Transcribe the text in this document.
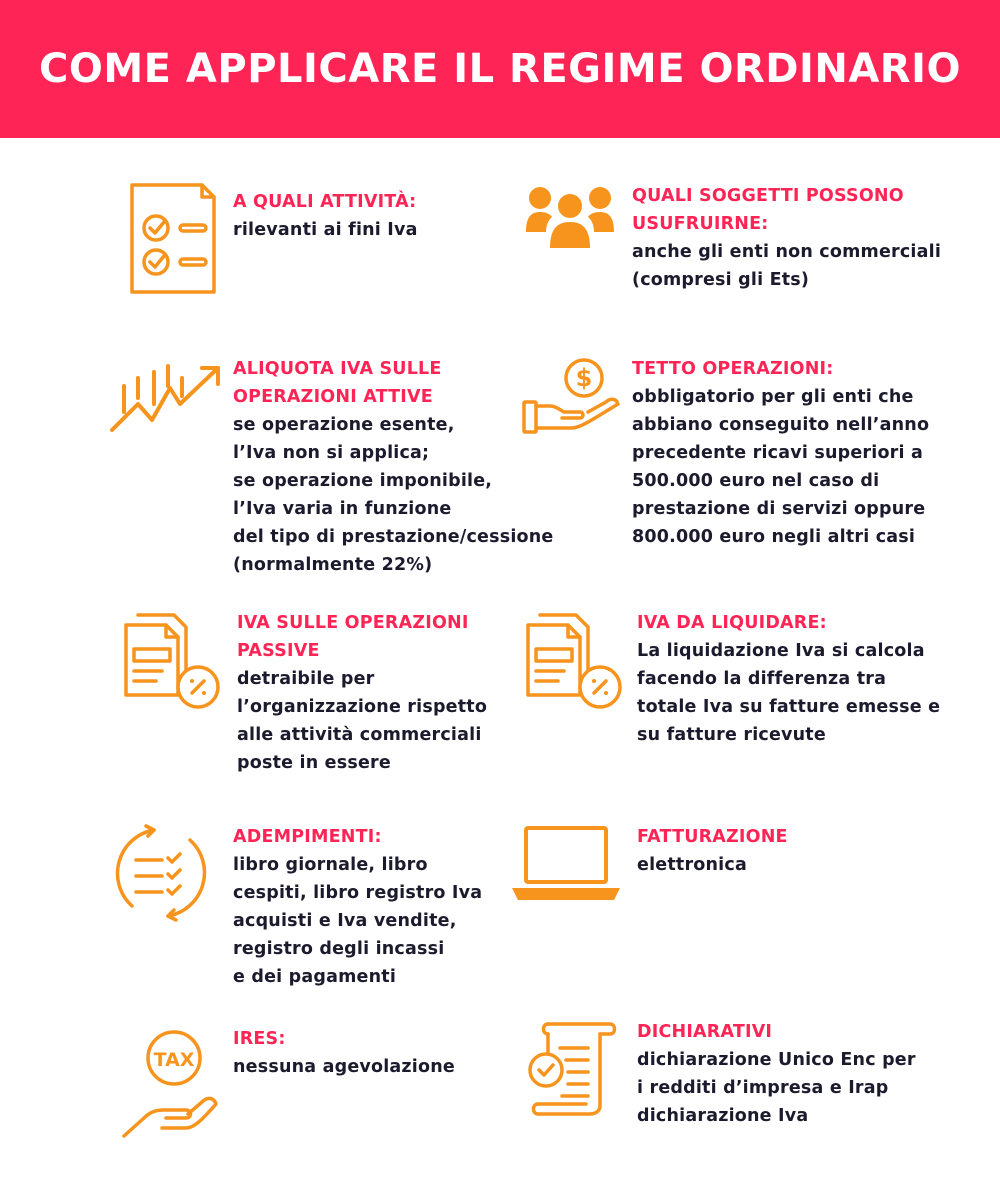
COME APPLICARE IL REGIME ORDINARIO
A QUALI ATTIVITÀ:
rilevanti ai fini Iva
QUALI SOGGETTI POSSONO
USUFRUIRNE:
anche gli enti non commerciali
(compresi gli Ets)
ALIQUOTA IVA SULLE
OPERAZIONI ATTIVE
se operazione esente,
l’Iva non si applica;
se operazione imponibile,
l’Iva varia in funzione
del tipo di prestazione/cessione
(normalmente 22%)
$ TETTO OPERAZIONI:
obbligatorio per gli enti che
abbiano conseguito nell’anno
precedente ricavi superiori a
500.000 euro nel caso di
prestazione di servizi oppure
800.000 euro negli altri casi
IVA SULLE OPERAZIONI
PASSIVE
detraibile per
l’organizzazione rispetto
alle attività commerciali
poste in essere
IVA DA LIQUIDARE:
La liquidazione Iva si calcola
facendo la differenza tra
totale Iva su fatture emesse e
su fatture ricevute
ADEMPIMENTI:
libro giornale, libro
cespiti, libro registro Iva
acquisti e Iva vendite,
registro degli incassi
e dei pagamenti
FATTURAZIONE
elettronica
TAX
IRES:
nessuna agevolazione
DICHIARATIVI
dichiarazione Unico Enc per
i redditi d’impresa e Irap
dichiarazione Iva
